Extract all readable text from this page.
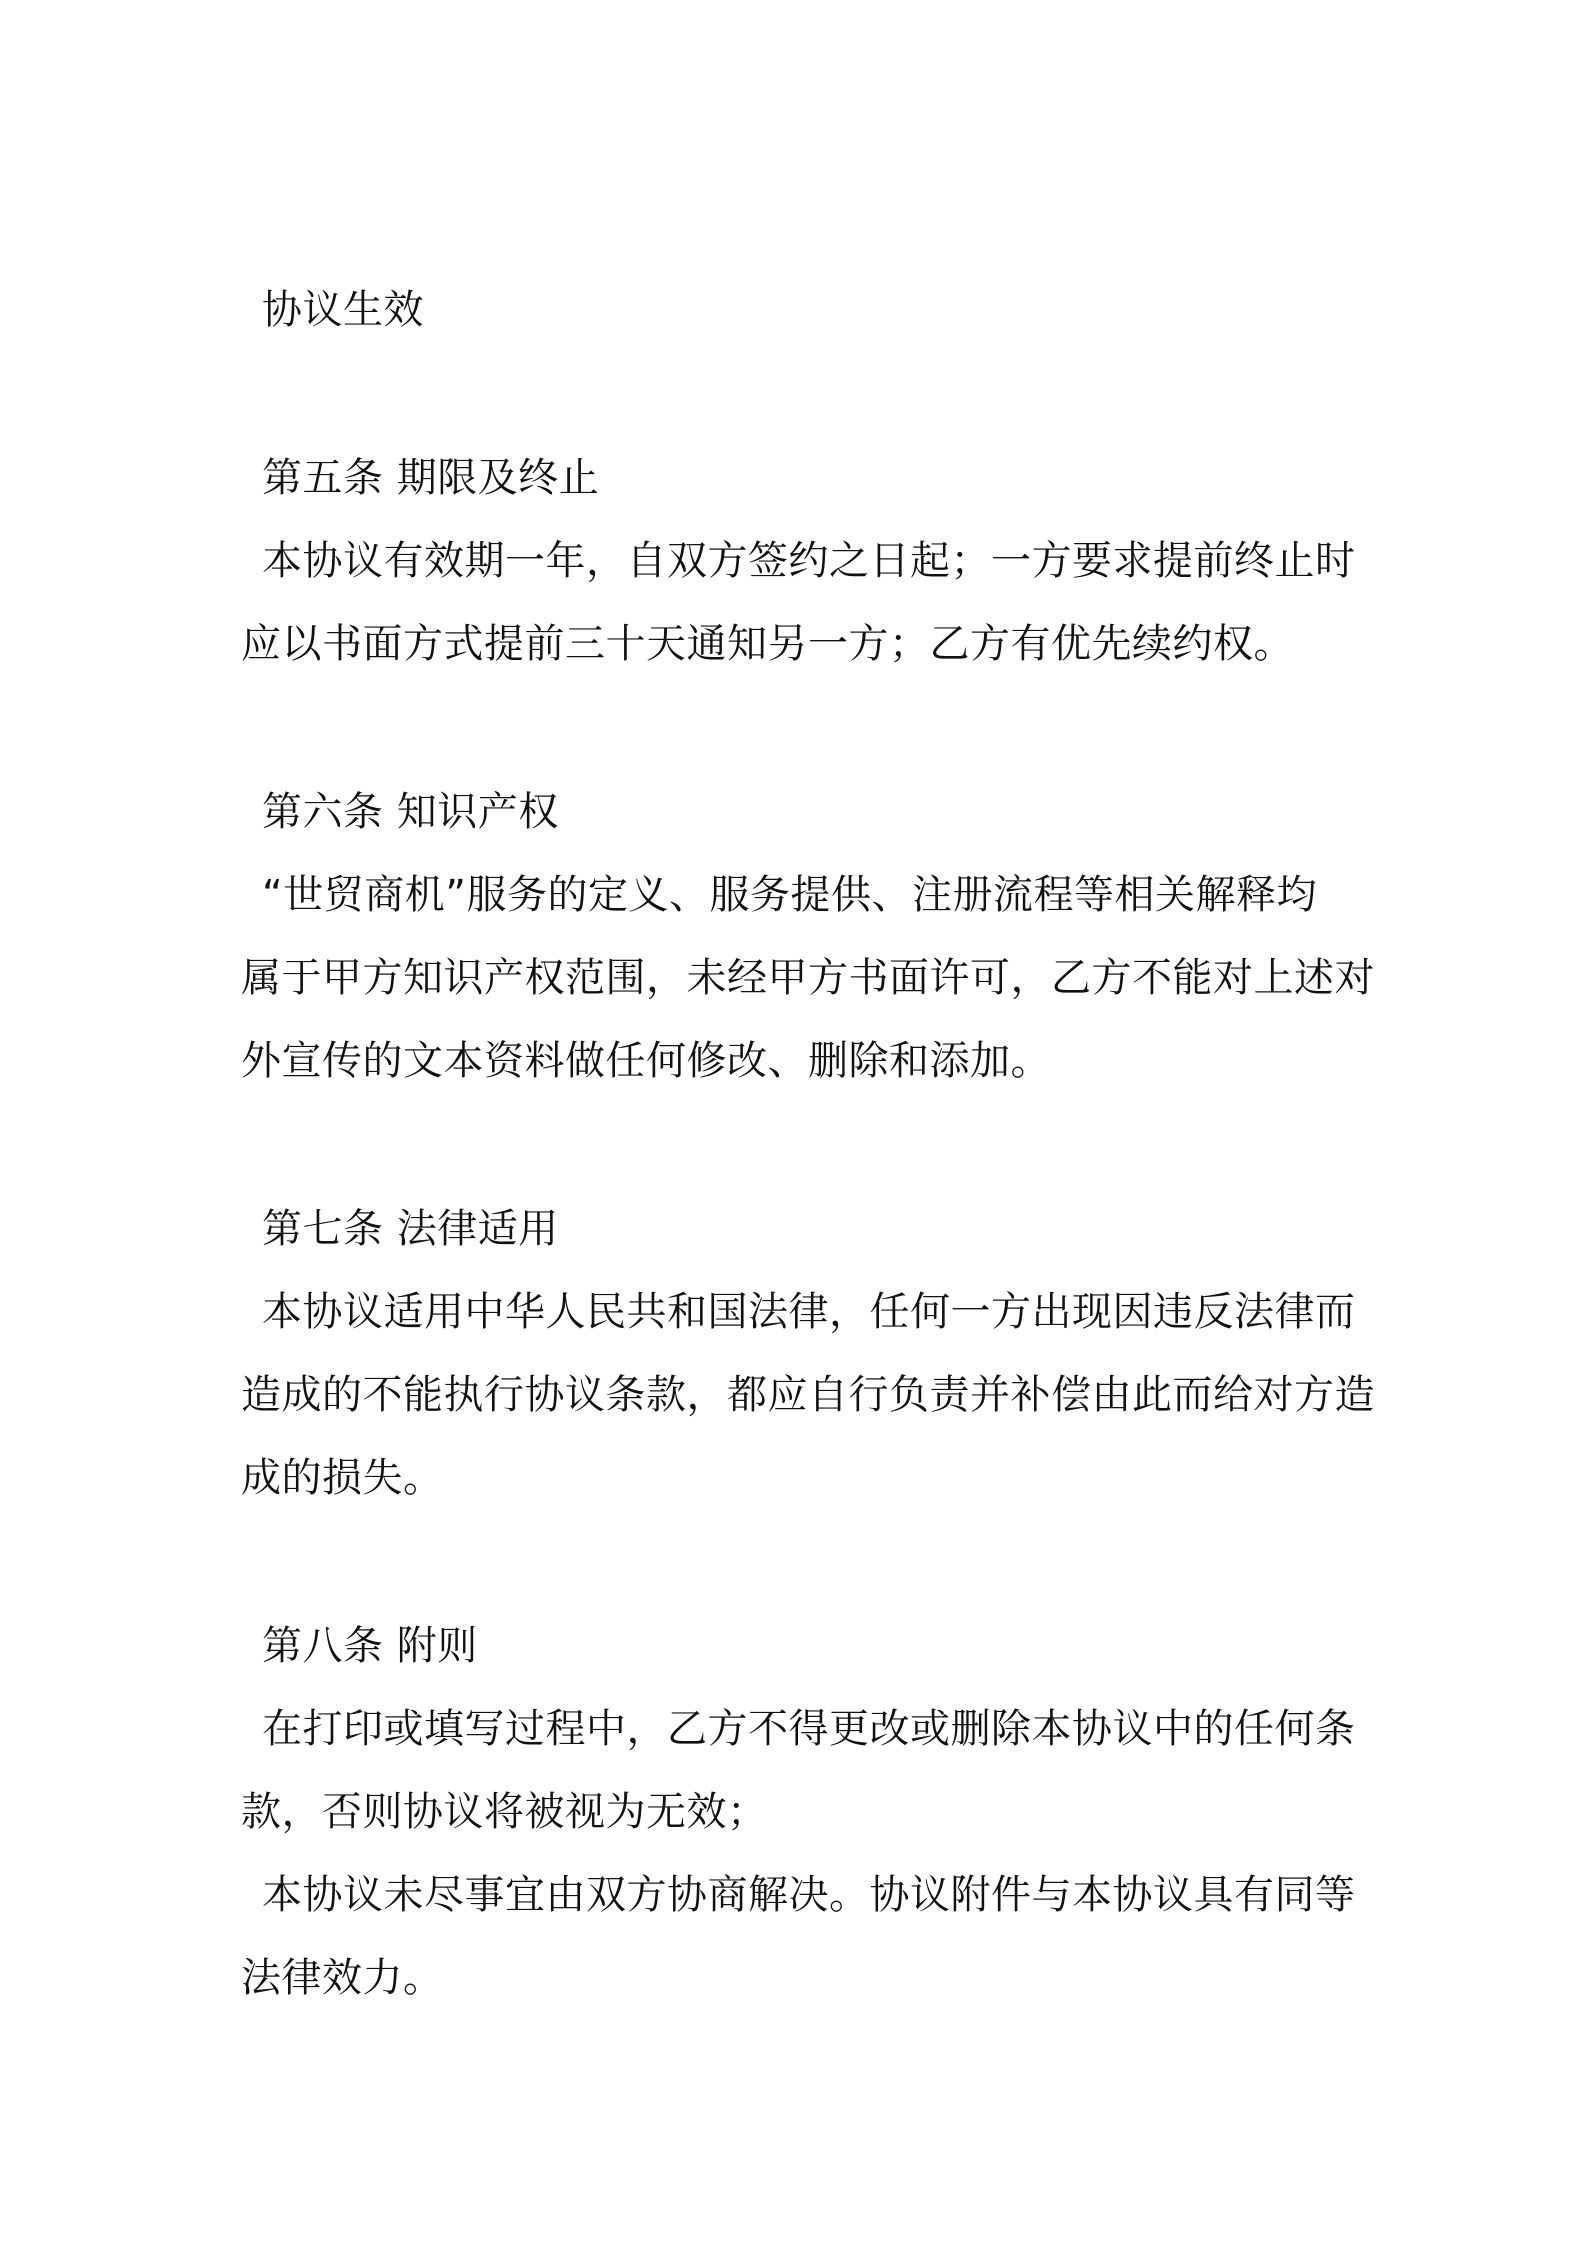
协议生效
第五条 期限及终止
本协议有效期一年，自双方签约之日起；一方要求提前终止时
应以书面方式提前三十天通知另一方；乙方有优先续约权。
第六条 知识产权
“世贸商机”服务的定义、服务提供、注册流程等相关解释均
属于甲方知识产权范围，未经甲方书面许可，乙方不能对上述对
外宣传的文本资料做任何修改、删除和添加。
第七条 法律适用
本协议适用中华人民共和国法律，任何一方出现因违反法律而
造成的不能执行协议条款，都应自行负责并补偿由此而给对方造
成的损失。
第八条 附则
在打印或填写过程中，乙方不得更改或删除本协议中的任何条
款，否则协议将被视为无效；
本协议未尽事宜由双方协商解决。协议附件与本协议具有同等
法律效力。
